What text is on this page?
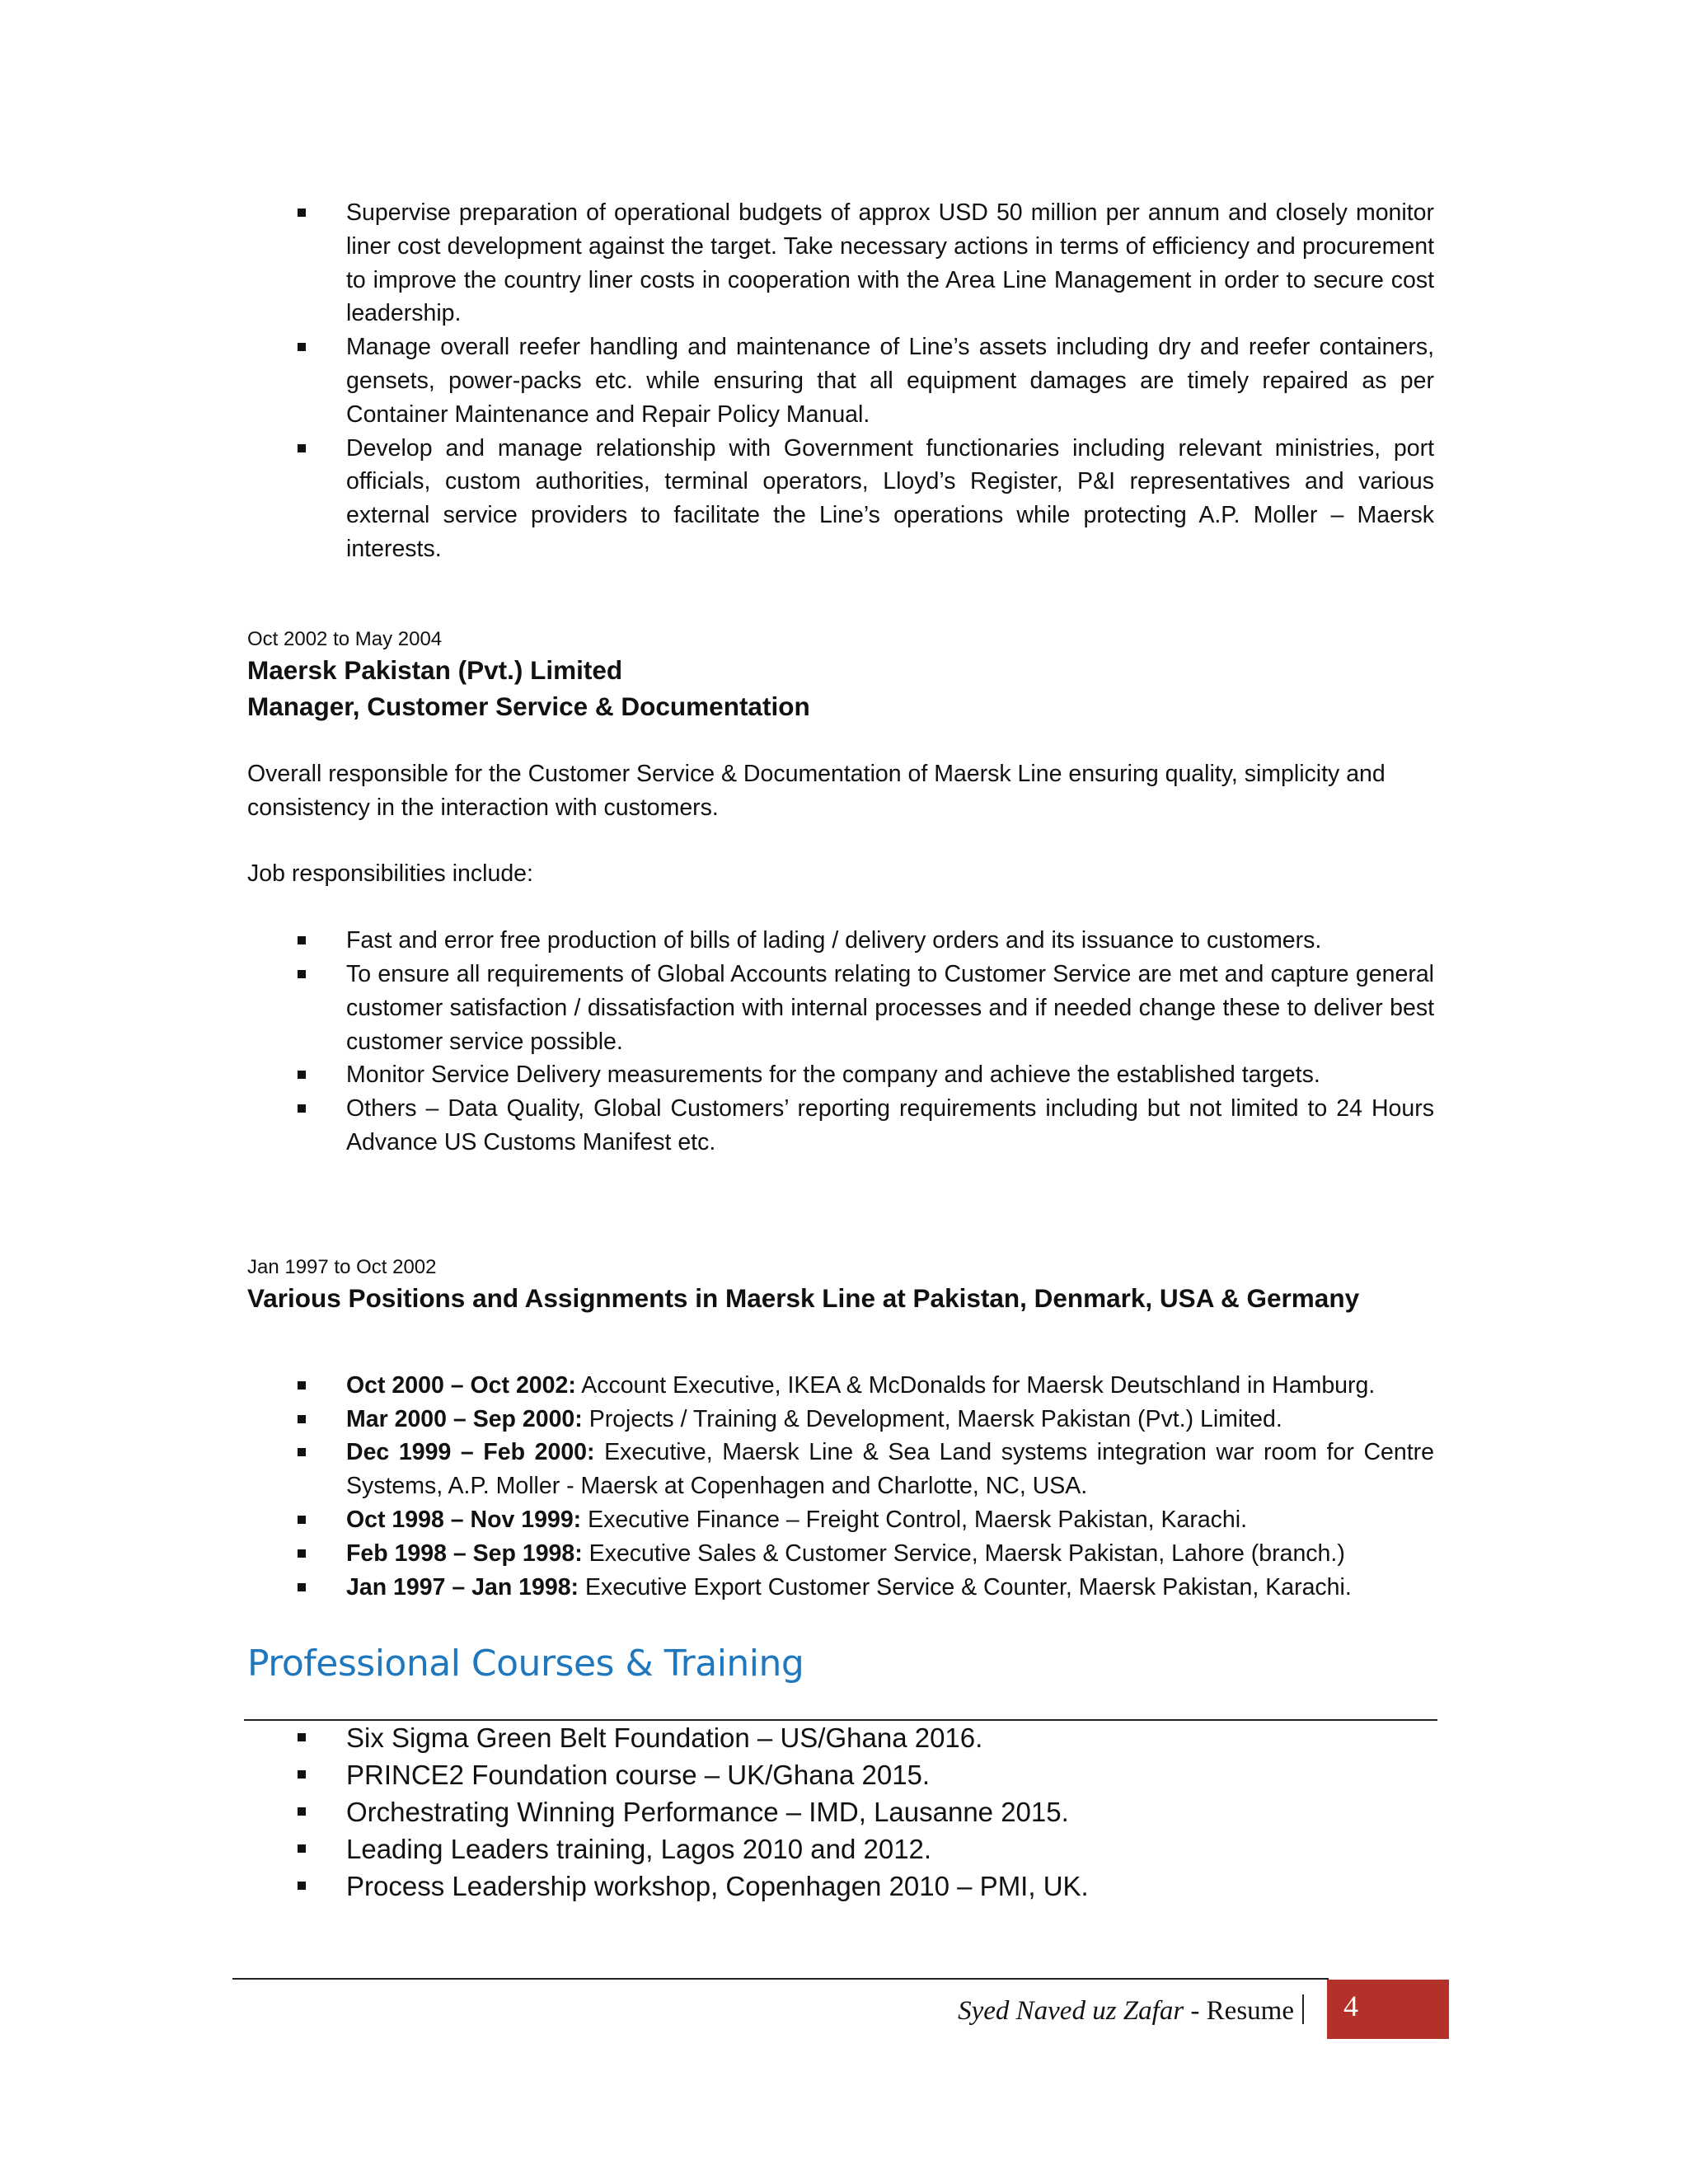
Supervise preparation of operational budgets of approx USD 50 million per annum and closely monitor liner cost development against the target. Take necessary actions in terms of efficiency and procurement to improve the country liner costs in cooperation with the Area Line Management in order to secure cost leadership.
Manage overall reefer handling and maintenance of Line’s assets including dry and reefer containers, gensets, power-packs etc. while ensuring that all equipment damages are timely repaired as per Container Maintenance and Repair Policy Manual.
Develop and manage relationship with Government functionaries including relevant ministries, port officials, custom authorities, terminal operators, Lloyd’s Register, P&I representatives and various external service providers to facilitate the Line’s operations while protecting A.P. Moller – Maersk interests.

Oct 2002 to May 2004

Maersk Pakistan (Pvt.) Limited

Manager, Customer Service & Documentation

Overall responsible for the Customer Service & Documentation of Maersk Line ensuring quality, simplicity and consistency in the interaction with customers.

Job responsibilities include:

Fast and error free production of bills of lading / delivery orders and its issuance to customers.
To ensure all requirements of Global Accounts relating to Customer Service are met and capture general customer satisfaction / dissatisfaction with internal processes and if needed change these to deliver best customer service possible.
Monitor Service Delivery measurements for the company and achieve the established targets.
Others – Data Quality, Global Customers’ reporting requirements including but not limited to 24 Hours Advance US Customs Manifest etc.

Jan 1997 to Oct 2002

Various Positions and Assignments in Maersk Line at Pakistan, Denmark, USA & Germany

Oct 2000 – Oct 2002: Account Executive, IKEA & McDonalds for Maersk Deutschland in Hamburg.
Mar 2000 – Sep 2000: Projects / Training & Development, Maersk Pakistan (Pvt.) Limited.
Dec 1999 – Feb 2000: Executive, Maersk Line & Sea Land systems integration war room for Centre Systems, A.P. Moller - Maersk at Copenhagen and Charlotte, NC, USA.
Oct 1998 – Nov 1999: Executive Finance – Freight Control, Maersk Pakistan, Karachi.
Feb 1998 – Sep 1998: Executive Sales & Customer Service, Maersk Pakistan, Lahore (branch.)
Jan 1997 – Jan 1998: Executive Export Customer Service & Counter, Maersk Pakistan, Karachi.

Professional Courses & Training

Six Sigma Green Belt Foundation – US/Ghana 2016.
PRINCE2 Foundation course – UK/Ghana 2015.
Orchestrating Winning Performance – IMD, Lausanne 2015.
Leading Leaders training, Lagos 2010 and 2012.
Process Leadership workshop, Copenhagen 2010 – PMI, UK.
Syed Naved uz Zafar - Resume	4
